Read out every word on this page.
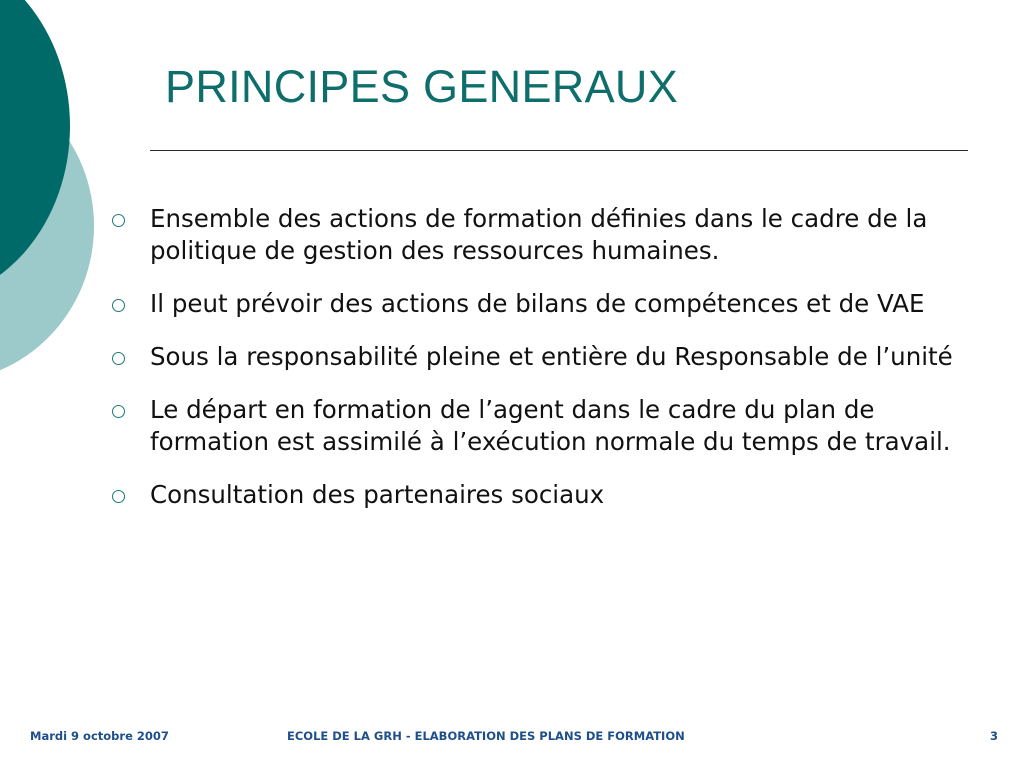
PRINCIPES GENERAUX
Ensemble des actions de formation définies dans le cadre de la politique de gestion des ressources humaines.
Il peut prévoir des actions de bilans de compétences et de VAE
Sous la responsabilité pleine et entière du Responsable de l’unité
Le départ en formation de l’agent dans le cadre du plan de formation est assimilé à l’exécution normale du temps de travail.
Consultation des partenaires sociaux
Mardi 9 octobre 2007	ECOLE DE LA GRH - ELABORATION DES PLANS DE FORMATION	3
